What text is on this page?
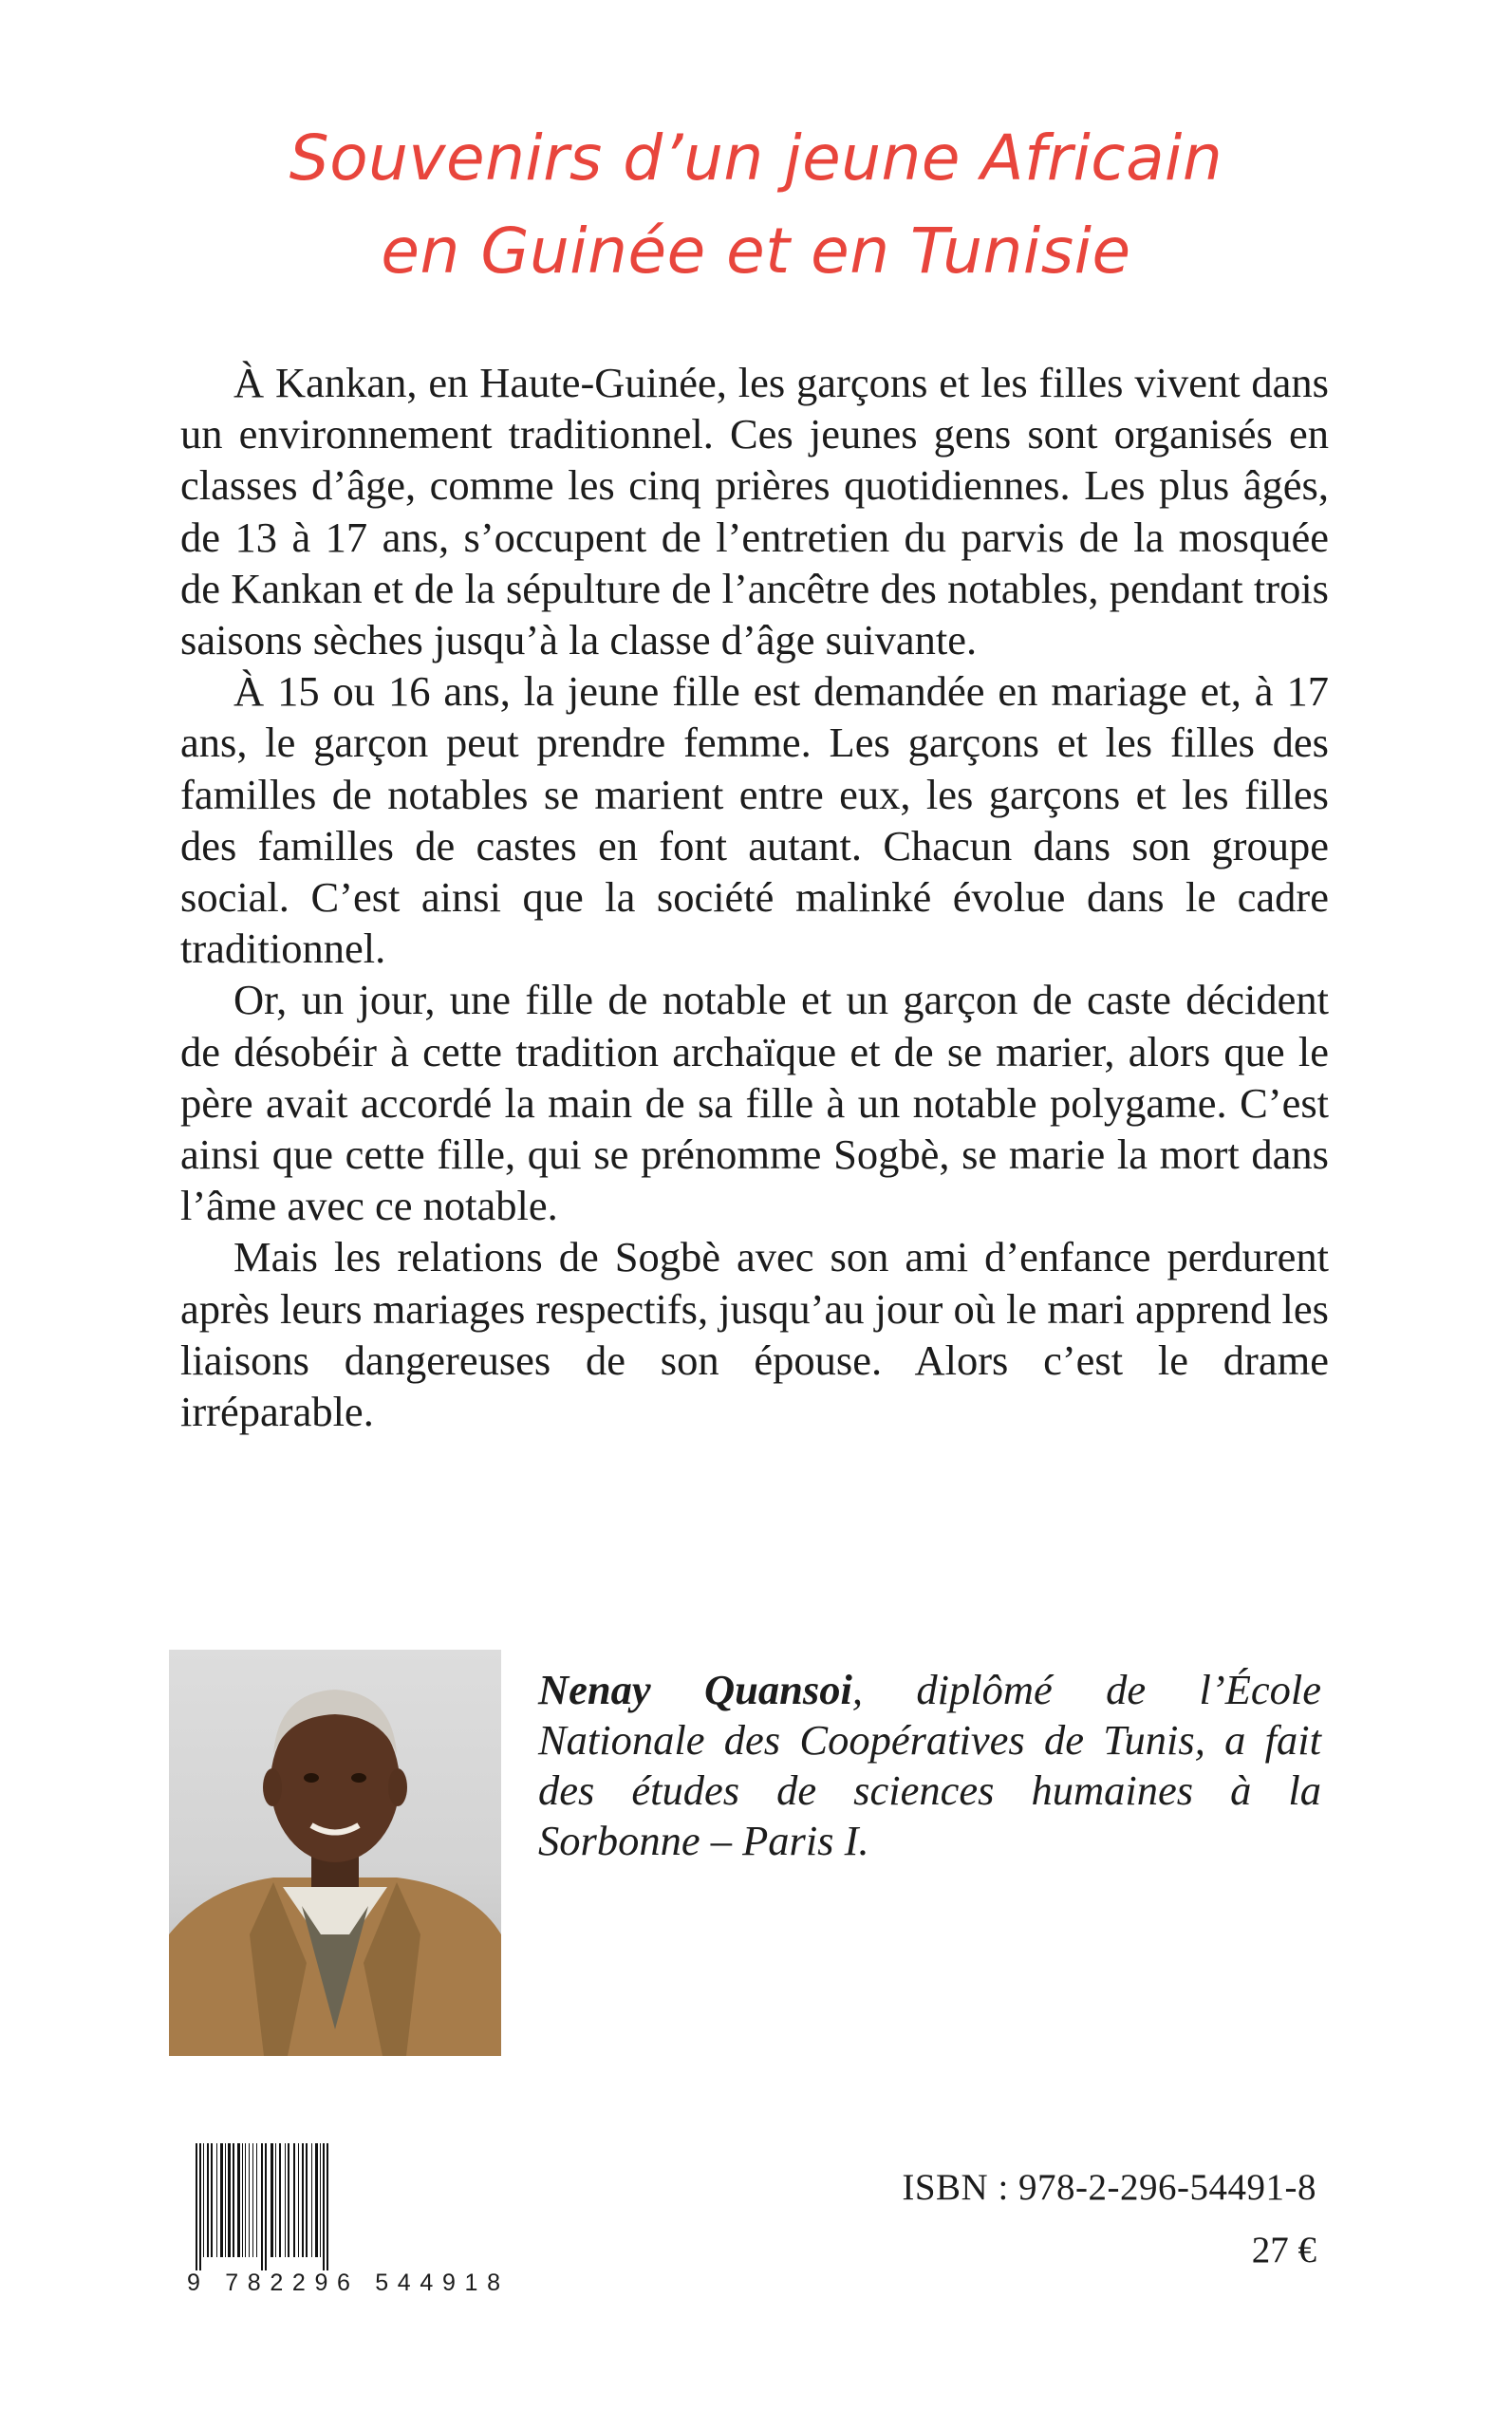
Souvenirs d’un jeune Africain
en Guinée et en Tunisie

À Kankan, en Haute-Guinée, les garçons et les filles vivent dans un environnement traditionnel. Ces jeunes gens sont organisés en classes d’âge, comme les cinq prières quotidiennes. Les plus âgés, de 13 à 17 ans, s’occupent de l’entretien du parvis de la mosquée de Kankan et de la sépulture de l’ancêtre des notables, pendant trois saisons sèches jusqu’à la classe d’âge suivante.

À 15 ou 16 ans, la jeune fille est demandée en mariage et, à 17 ans, le garçon peut prendre femme. Les garçons et les filles des familles de notables se marient entre eux, les garçons et les filles des familles de castes en font autant. Chacun dans son groupe social. C’est ainsi que la société malinké évolue dans le cadre traditionnel.

Or, un jour, une fille de notable et un garçon de caste décident de désobéir à cette tradition archaïque et de se marier, alors que le père avait accordé la main de sa fille à un notable polygame. C’est ainsi que cette fille, qui se prénomme Sogbè, se marie la mort dans l’âme avec ce notable.

Mais les relations de Sogbè avec son ami d’enfance perdurent après leurs mariages respectifs, jusqu’au jour où le mari apprend les liaisons dangereuses de son épouse. Alors c’est le drame irréparable.

Nenay Quansoi, diplômé de l’École Nationale des Coopératives de Tunis, a fait des études de sciences humaines à la Sorbonne – Paris I.
9 782296 544918
ISBN : 978-2-296-54491-8
27 €
